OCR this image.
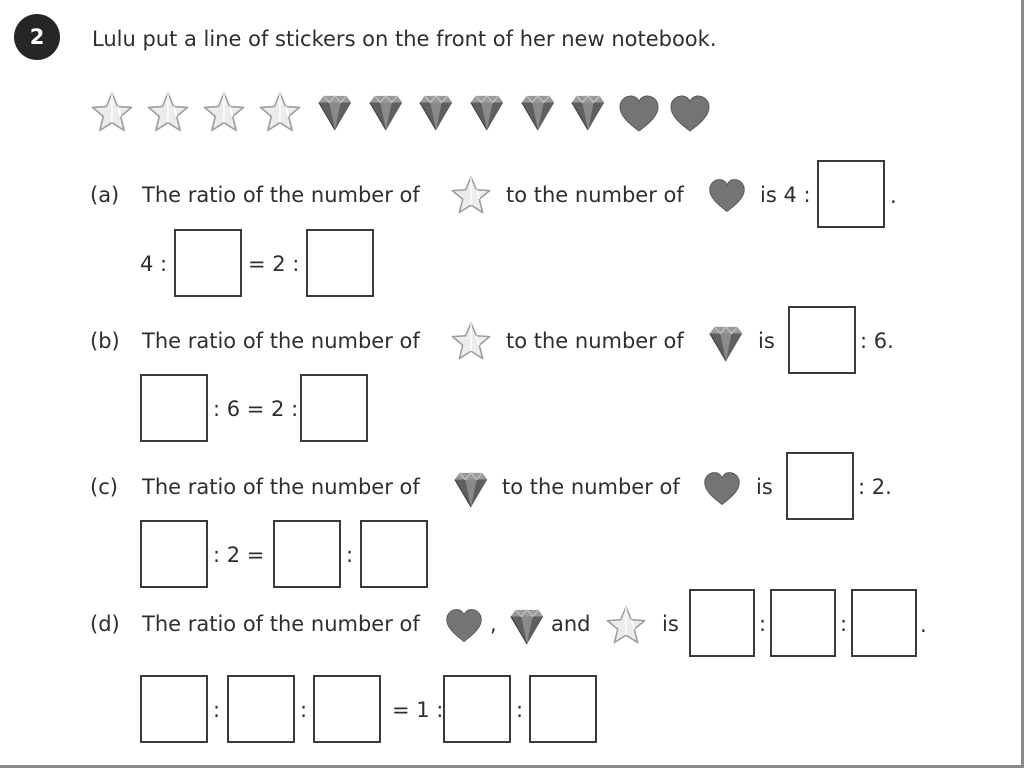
2	Lulu put a line of stickers on the front of her new notebook.
(a) The ratio of the number of	to the number of	is 4 :	.
4 :	= 2 :
(b) The ratio of the number of	to the number of	is	: 6.
: 6 = 2 :
(c) The ratio of the number of	to the number of	is	: 2.
: 2 =	:
(d) The ratio of the number of	,	and	is	:	:	.
:	:	= 1 :	:
